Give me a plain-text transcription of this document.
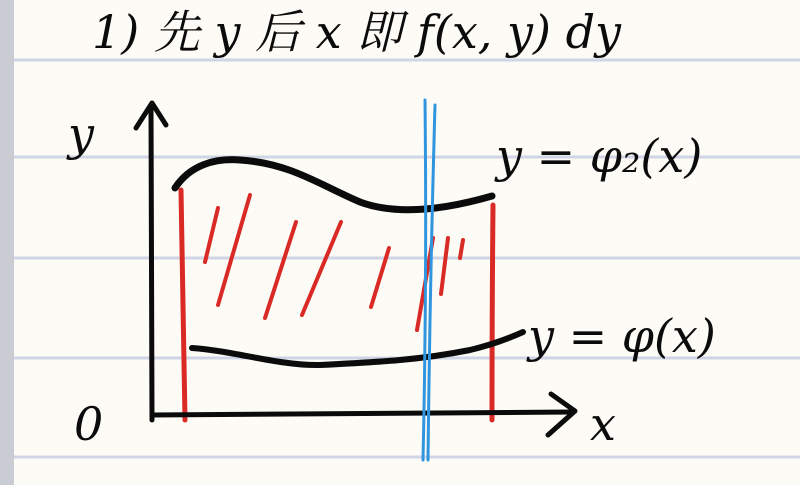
1) 先 y 后 x 即 f(x, y) dy
y
x
0
y = φ₂(x)
y = φ(x)
